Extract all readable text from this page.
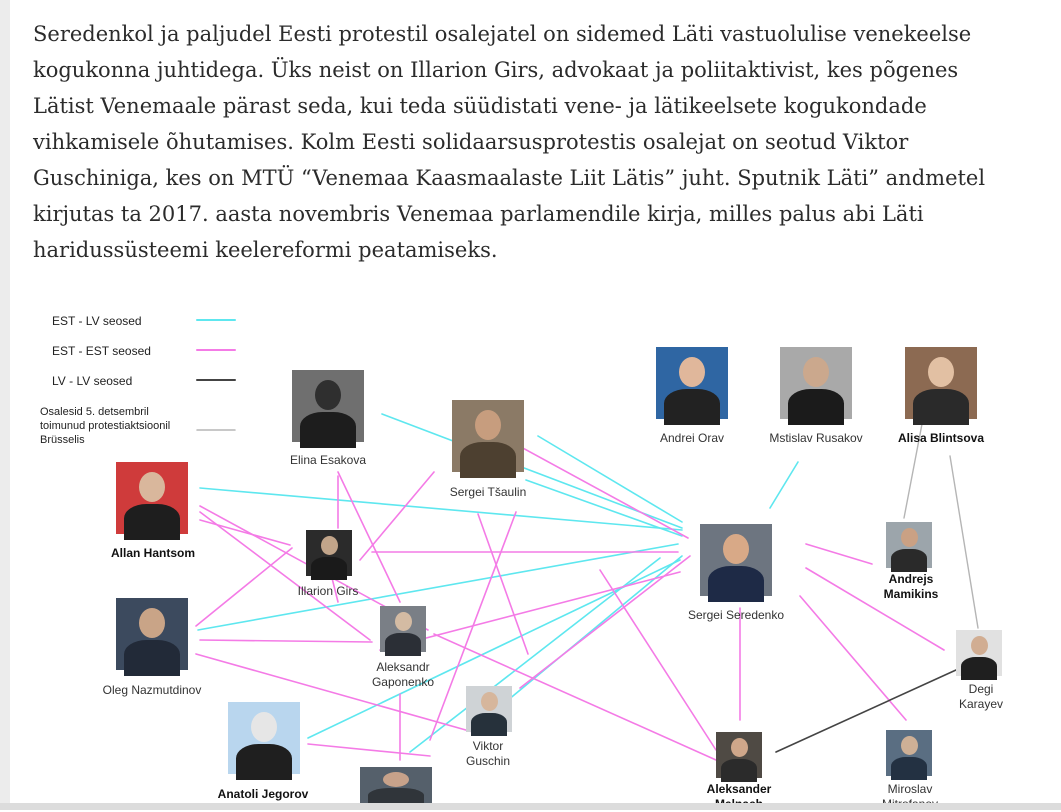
Seredenkol ja paljudel Eesti protestil osalejatel on sidemed Läti vastuolulise venekeelse
kogukonna juhtidega. Üks neist on Illarion Girs, advokaat ja poliitaktivist, kes põgenes
Lätist Venemaale pärast seda, kui teda süüdistati vene- ja lätikeelsete kogukondade
vihkamisele õhutamises. Kolm Eesti solidaarsusprotestis osalejat on seotud Viktor
Guschiniga, kes on MTÜ “Venemaa Kaasmaalaste Liit Lätis” juht. Sputnik Läti” andmetel
kirjutas ta 2017. aasta novembris Venemaa parlamendile kirja, milles palus abi Läti
haridussüsteemi keelereformi peatamiseks.

EST - LV seosed
EST - EST seosed
LV - LV seosed
Osalesid 5. detsembril
toimunud protestiaktsioonil
Brüsselis
Elina Esakova
Sergei Tšaulin
Allan Hantsom
Illarion Girs
Oleg Nazmutdinov
Aleksandr
Gaponenko
Viktor
Guschin
Anatoli Jegorov
Andrei Orav	Mstislav Rusakov	Alisa Blintsova
Sergei Seredenko
Andrejs
Mamikins
Degi
Karayev
Aleksander	Miroslav
